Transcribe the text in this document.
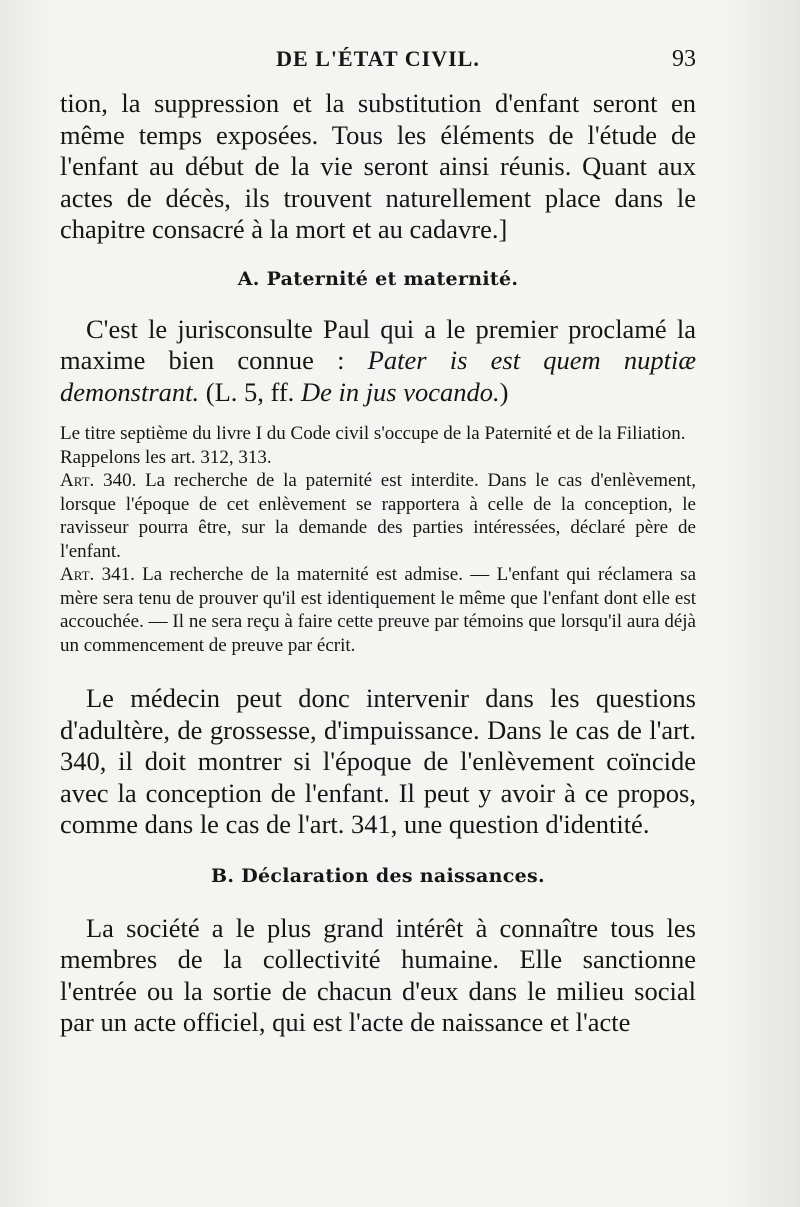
DE L'ÉTAT CIVIL.	93

tion, la suppression et la substitution d'enfant seront en même temps exposées. Tous les éléments de l'étude de l'enfant au début de la vie seront ainsi réunis. Quant aux actes de décès, ils trouvent naturellement place dans le chapitre consacré à la mort et au cadavre.]

A. Paternité et maternité.

C'est le jurisconsulte Paul qui a le premier proclamé la maxime bien connue : Pater is est quem nuptiæ demonstrant. (L. 5, ff. De in jus vocando.)

Le titre septième du livre I du Code civil s'occupe de la Paternité et de la Filiation.

Rappelons les art. 312, 313.

Art. 340. La recherche de la paternité est interdite. Dans le cas d'enlèvement, lorsque l'époque de cet enlèvement se rapportera à celle de la conception, le ravisseur pourra être, sur la demande des parties intéressées, déclaré père de l'enfant.

Art. 341. La recherche de la maternité est admise. — L'enfant qui réclamera sa mère sera tenu de prouver qu'il est identiquement le même que l'enfant dont elle est accouchée. — Il ne sera reçu à faire cette preuve par témoins que lorsqu'il aura déjà un commencement de preuve par écrit.

Le médecin peut donc intervenir dans les questions d'adultère, de grossesse, d'impuissance. Dans le cas de l'art. 340, il doit montrer si l'époque de l'enlèvement coïncide avec la conception de l'enfant. Il peut y avoir à ce propos, comme dans le cas de l'art. 341, une question d'identité.

B. Déclaration des naissances.

La société a le plus grand intérêt à connaître tous les membres de la collectivité humaine. Elle sanctionne l'entrée ou la sortie de chacun d'eux dans le milieu social par un acte officiel, qui est l'acte de naissance et l'acte
